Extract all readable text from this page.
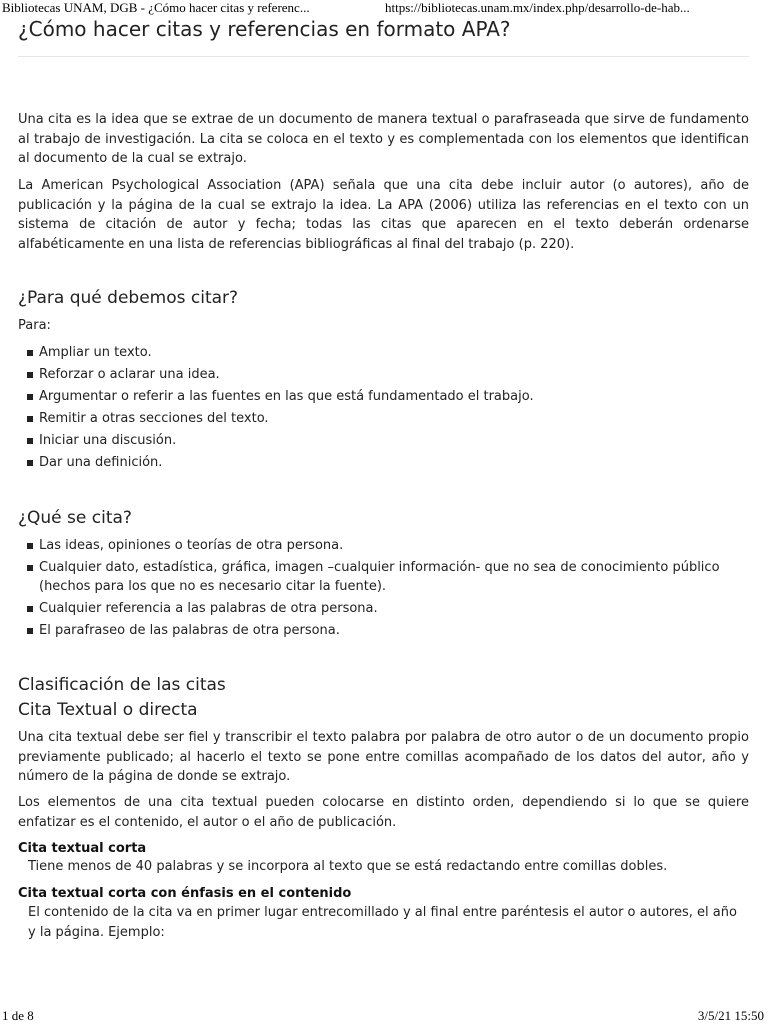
Bibliotecas UNAM, DGB - ¿Cómo hacer citas y referenc...	https://bibliotecas.unam.mx/index.php/desarrollo-de-hab...
¿Cómo hacer citas y referencias en formato APA?

Una cita es la idea que se extrae de un documento de manera textual o parafraseada que sirve de fundamento al trabajo de investigación. La cita se coloca en el texto y es complementada con los elementos que identifican al documento de la cual se extrajo.

La American Psychological Association (APA) señala que una cita debe incluir autor (o autores), año de publicación y la página de la cual se extrajo la idea. La APA (2006) utiliza las referencias en el texto con un sistema de citación de autor y fecha; todas las citas que aparecen en el texto deberán ordenarse alfabéticamente en una lista de referencias bibliográficas al final del trabajo (p. 220).

¿Para qué debemos citar?

Para:

Ampliar un texto.
Reforzar o aclarar una idea.
Argumentar o referir a las fuentes en las que está fundamentado el trabajo.
Remitir a otras secciones del texto.
Iniciar una discusión.
Dar una definición.
¿Qué se cita?
Las ideas, opiniones o teorías de otra persona.
Cualquier dato, estadística, gráfica, imagen –cualquier información- que no sea de conocimiento público (hechos para los que no es necesario citar la fuente).
Cualquier referencia a las palabras de otra persona.
El parafraseo de las palabras de otra persona.
Clasificación de las citas
Cita Textual o directa

Una cita textual debe ser fiel y transcribir el texto palabra por palabra de otro autor o de un documento propio previamente publicado; al hacerlo el texto se pone entre comillas acompañado de los datos del autor, año y número de la página de donde se extrajo.

Los elementos de una cita textual pueden colocarse en distinto orden, dependiendo si lo que se quiere enfatizar es el contenido, el autor o el año de publicación.

Cita textual corta

Tiene menos de 40 palabras y se incorpora al texto que se está redactando entre comillas dobles.

Cita textual corta con énfasis en el contenido

El contenido de la cita va en primer lugar entrecomillado y al final entre paréntesis el autor o autores, el año y la página. Ejemplo:

1 de 8	3/5/21 15:50
